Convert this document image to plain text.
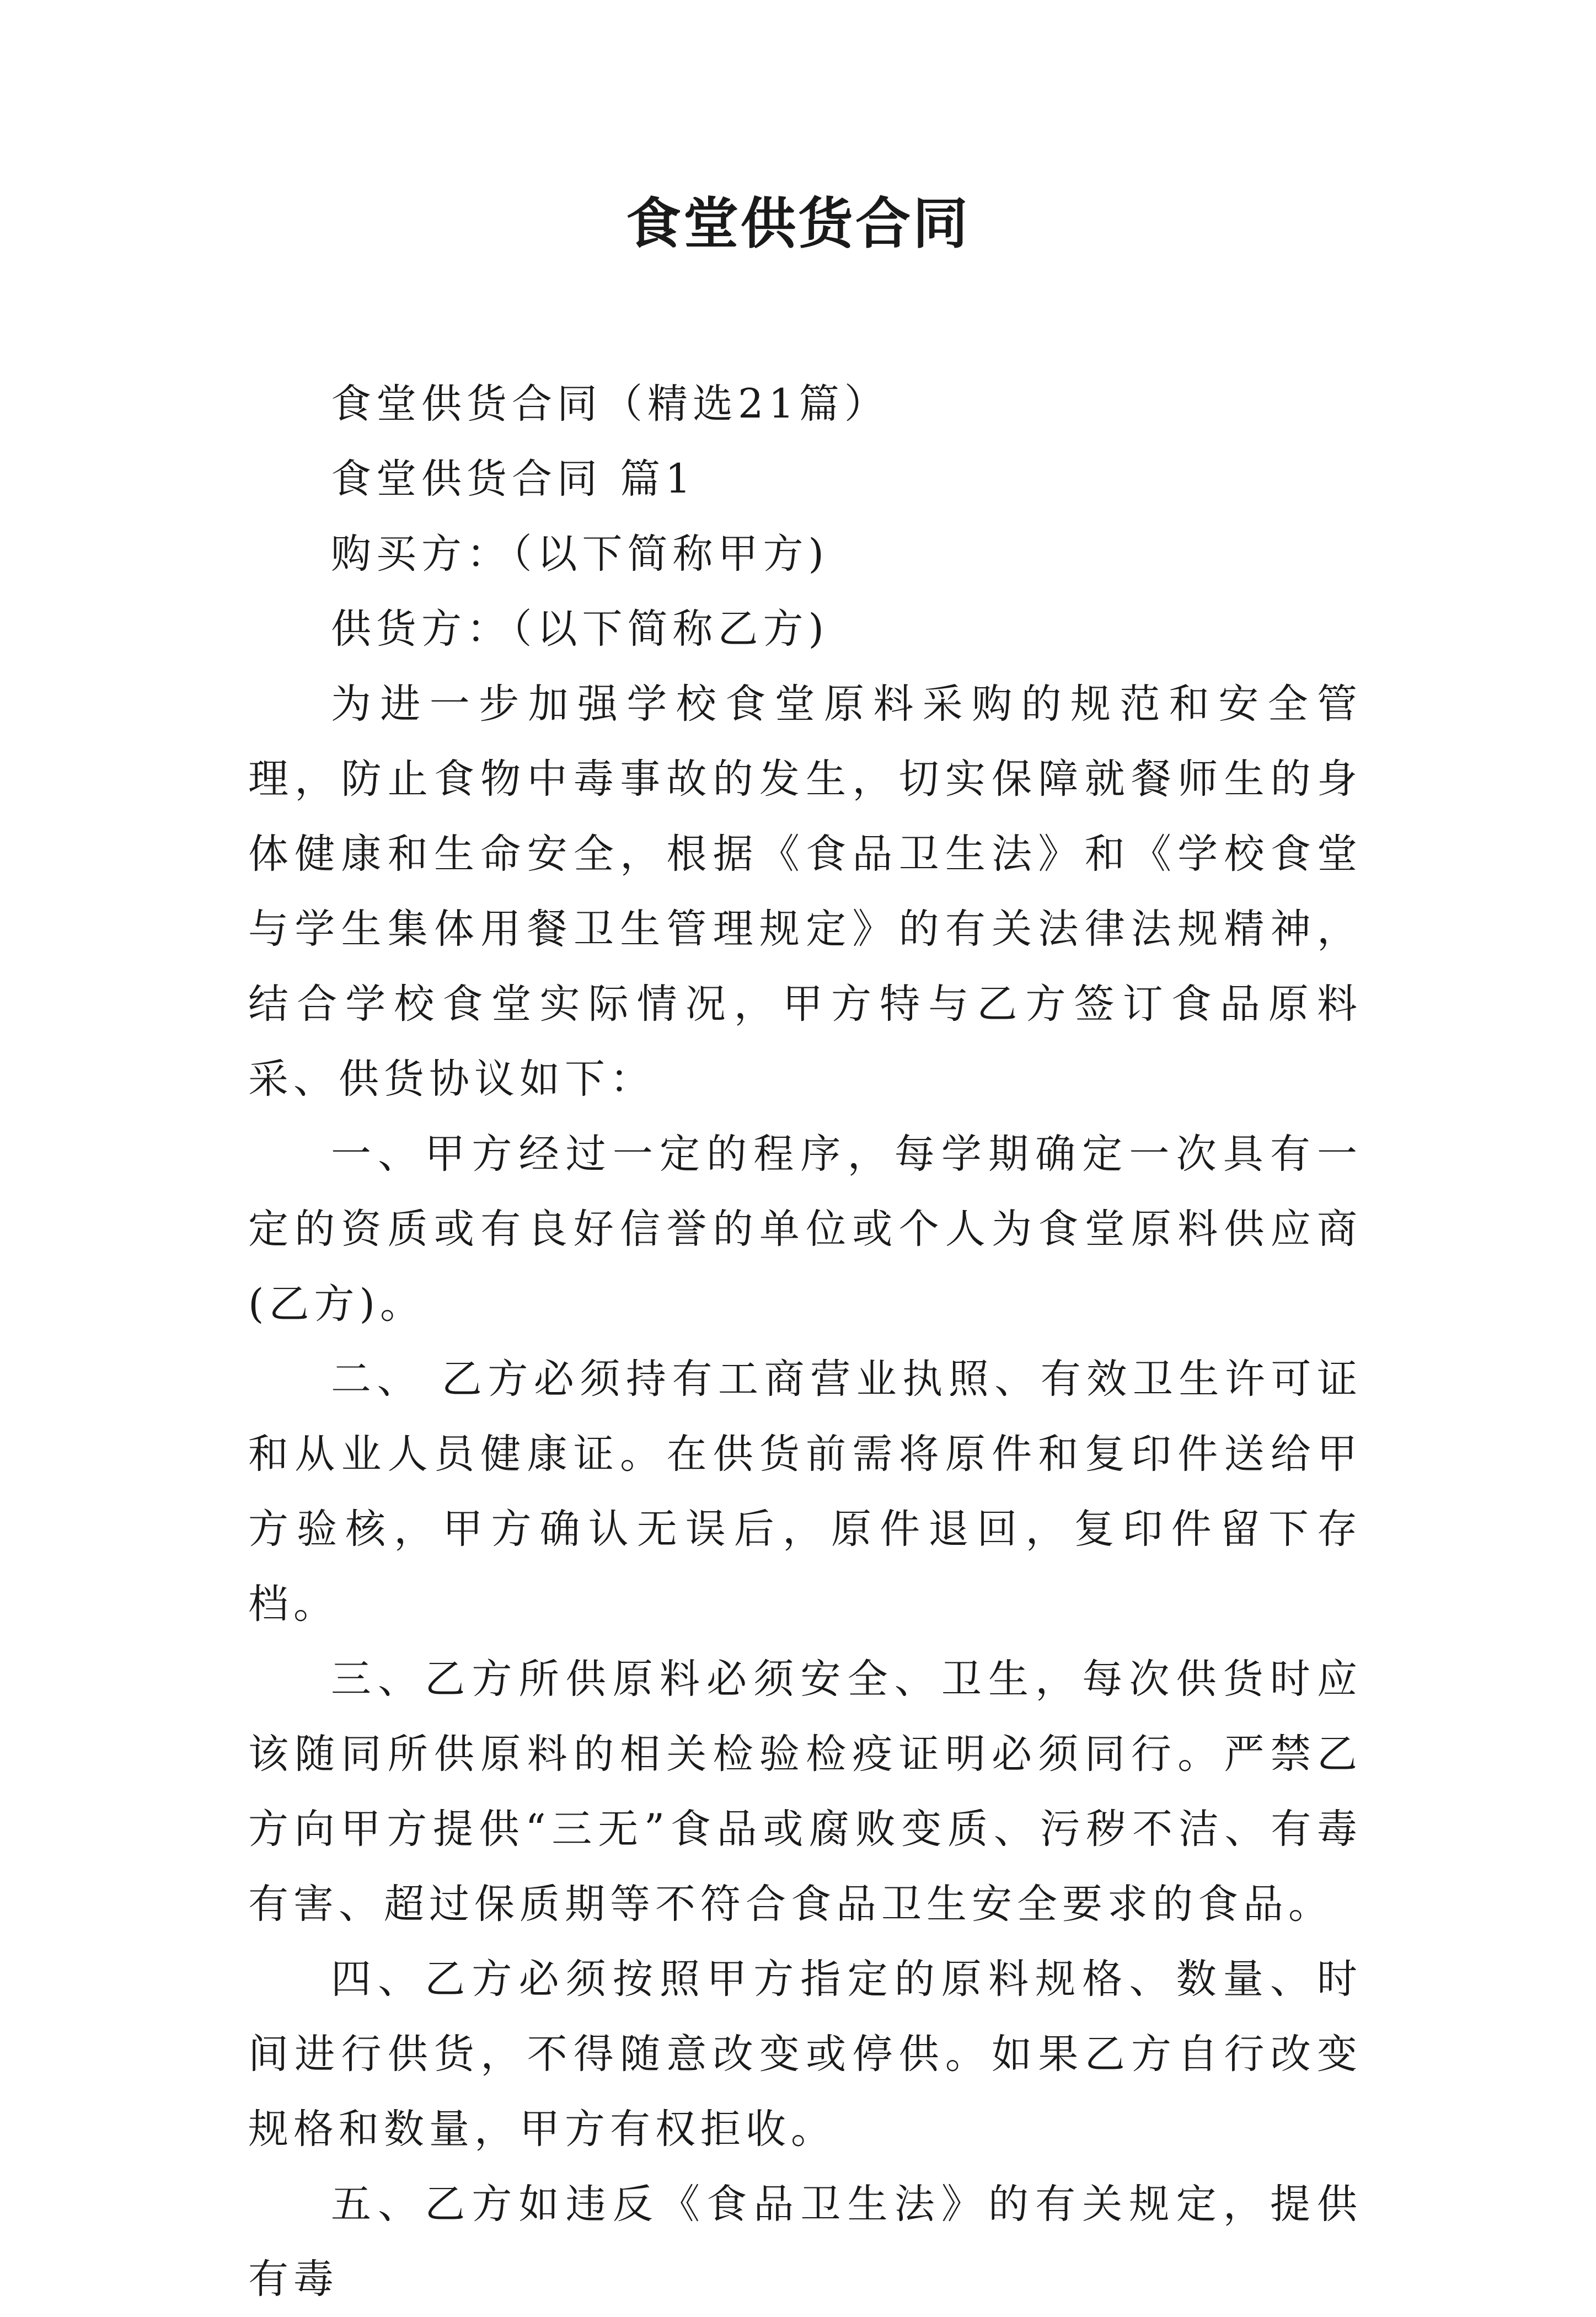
食堂供货合同

食堂供货合同（精选21篇）

食堂供货合同 篇1

购买方：（以下简称甲方)

供货方：（以下简称乙方)

为进一步加强学校食堂原料采购的规范和安全管理，防止食物中毒事故的发生，切实保障就餐师生的身体健康和生命安全，根据《食品卫生法》和《学校食堂与学生集体用餐卫生管理规定》的有关法律法规精神，结合学校食堂实际情况，甲方特与乙方签订食品原料采、供货协议如下：

一、甲方经过一定的程序，每学期确定一次具有一定的资质或有良好信誉的单位或个人为食堂原料供应商(乙方)。

二、 乙方必须持有工商营业执照、有效卫生许可证和从业人员健康证。在供货前需将原件和复印件送给甲方验核，甲方确认无误后，原件退回，复印件留下存档。

三、乙方所供原料必须安全、卫生，每次供货时应该随同所供原料的相关检验检疫证明必须同行。严禁乙方向甲方提供“三无”食品或腐败变质、污秽不洁、有毒有害、超过保质期等不符合食品卫生安全要求的食品。

四、乙方必须按照甲方指定的原料规格、数量、时间进行供货，不得随意改变或停供。如果乙方自行改变规格和数量，甲方有权拒收。

五、乙方如违反《食品卫生法》的有关规定，提供有毒
